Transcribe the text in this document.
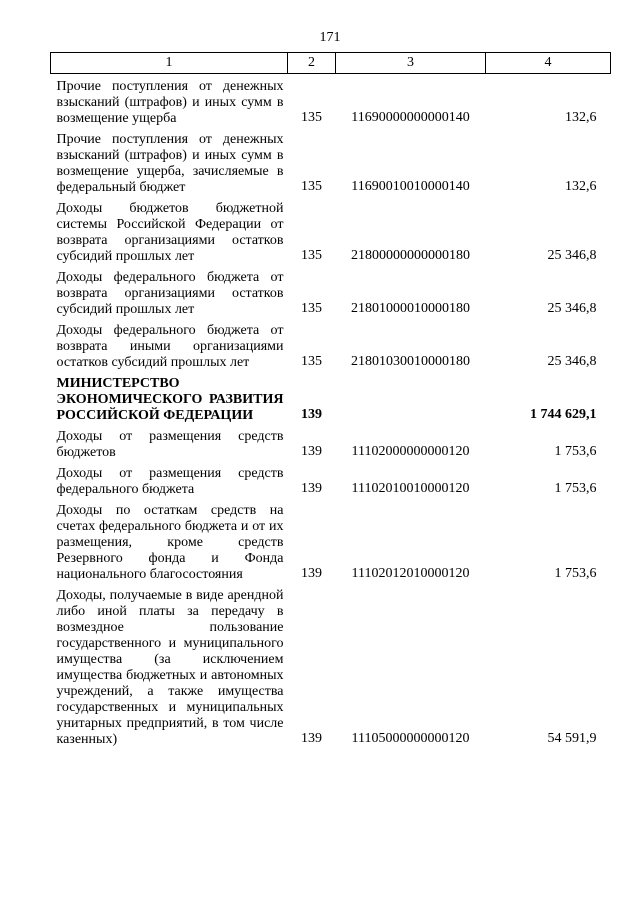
171
1	2	3	4
Прочие поступления от денежных взысканий (штрафов) и иных сумм в возмещение ущерба	135	11690000000000140	132,6
Прочие поступления от денежных взысканий (штрафов) и иных сумм в возмещение ущерба, зачисляемые в федеральный бюджет	135	11690010010000140	132,6
Доходы бюджетов бюджетной системы Российской Федерации от возврата организациями остатков субсидий прошлых лет	135	21800000000000180	25 346,8
Доходы федерального бюджета от возврата организациями остатков субсидий прошлых лет	135	21801000010000180	25 346,8
Доходы федерального бюджета от возврата иными организациями остатков субсидий прошлых лет	135	21801030010000180	25 346,8
МИНИСТЕРСТВО ЭКОНОМИЧЕСКОГО РАЗВИТИЯ РОССИЙСКОЙ ФЕДЕРАЦИИ	139		1 744 629,1
Доходы от размещения средств бюджетов	139	11102000000000120	1 753,6
Доходы от размещения средств федерального бюджета	139	11102010010000120	1 753,6
Доходы по остаткам средств на счетах федерального бюджета и от их размещения, кроме средств Резервного фонда и Фонда национального благосостояния	139	11102012010000120	1 753,6
Доходы, получаемые в виде арендной либо иной платы за передачу в возмездное пользование государственного и муниципального имущества (за исключением имущества бюджетных и автономных учреждений, а также имущества государственных и муниципальных унитарных предприятий, в том числе казенных)	139	11105000000000120	54 591,9
